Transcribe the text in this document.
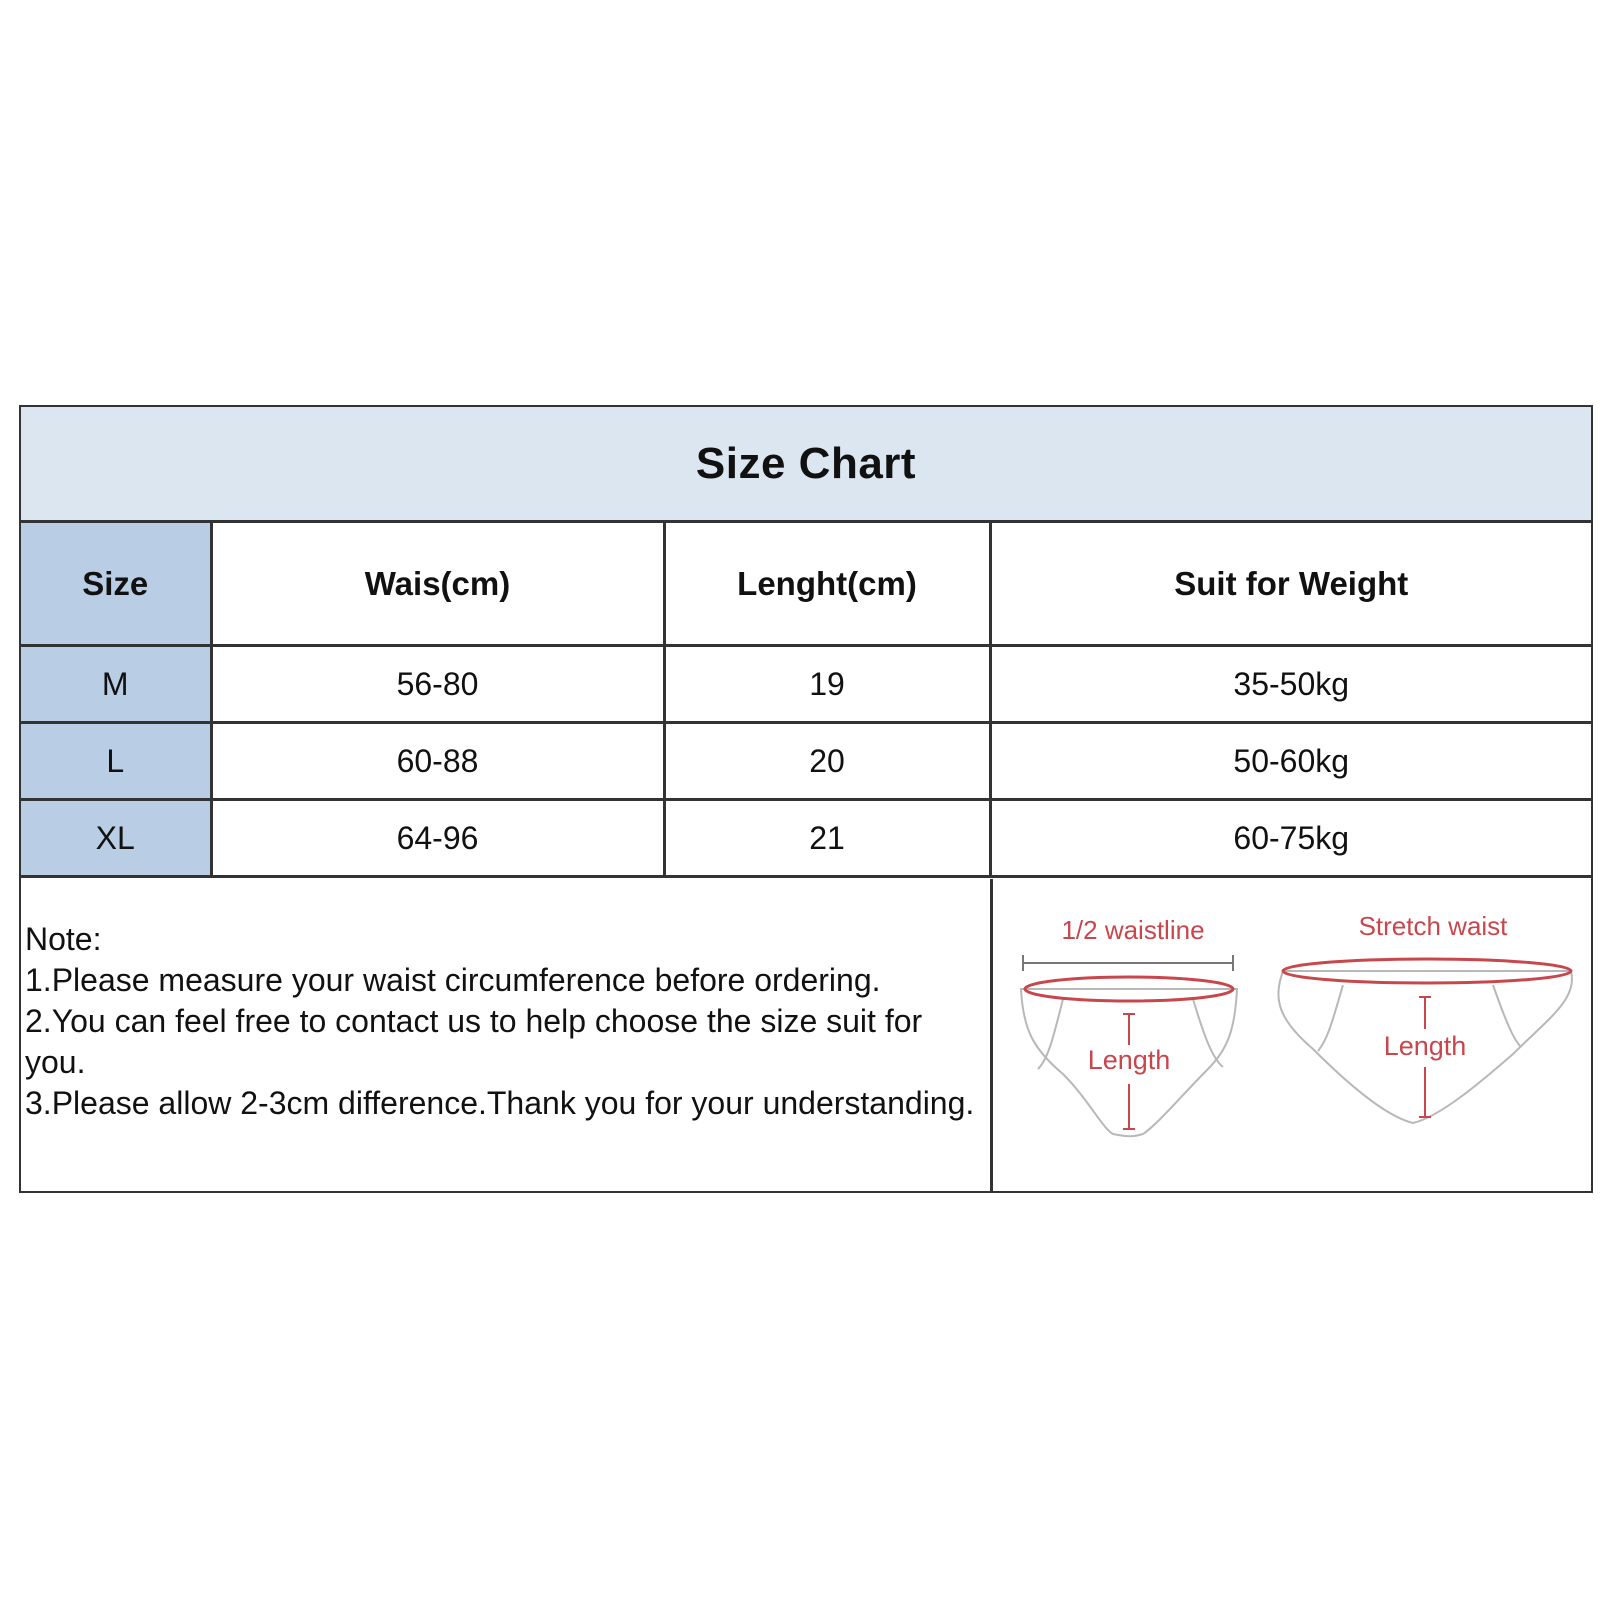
Size Chart
Size	Wais(cm)	Lenght(cm)	Suit for Weight
M	56-80	19	35-50kg
L	60-88	20	50-60kg
XL	64-96	21	60-75kg
Note:
1.Please measure your waist circumference before ordering.
2.You can feel free to contact us to help choose the size suit for you.
3.Please allow 2-3cm difference.Thank you for your understanding.
1/2 waistline
Length
Stretch waist
Length
